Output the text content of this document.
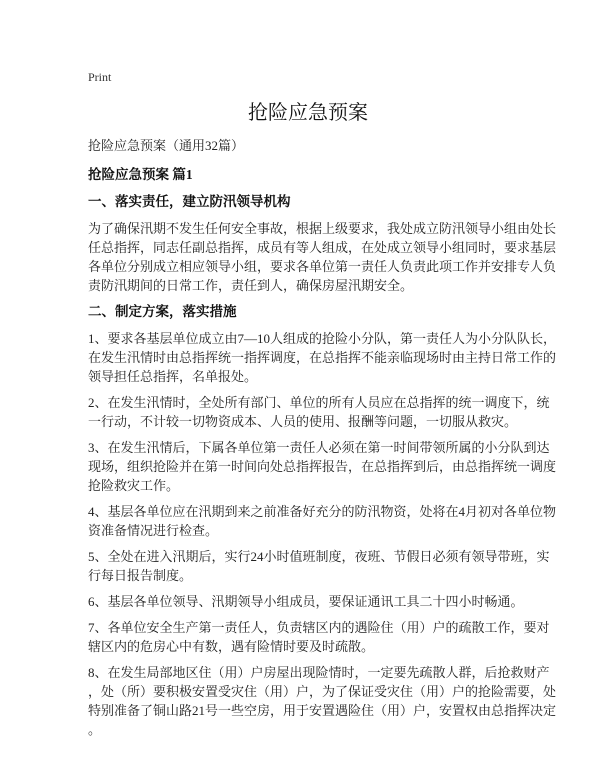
Print
抢险应急预案
抢险应急预案（通用32篇）
抢险应急预案 篇1
一、落实责任，建立防汛领导机构
为了确保汛期不发生任何安全事故，根据上级要求，我处成立防汛领导小组由处长
任总指挥，同志任副总指挥，成员有等人组成，在处成立领导小组同时，要求基层
各单位分别成立相应领导小组，要求各单位第一责任人负责此项工作并安排专人负
责防汛期间的日常工作，责任到人，确保房屋汛期安全。
二、制定方案，落实措施
1、要求各基层单位成立由7—10人组成的抢险小分队，第一责任人为小分队队长，
在发生汛情时由总指挥统一指挥调度，在总指挥不能亲临现场时由主持日常工作的
领导担任总指挥，名单报处。
2、在发生汛情时，全处所有部门、单位的所有人员应在总指挥的统一调度下，统
一行动，不计较一切物资成本、人员的使用、报酬等问题，一切服从救灾。
3、在发生汛情后，下属各单位第一责任人必须在第一时间带领所属的小分队到达
现场，组织抢险并在第一时间向处总指挥报告，在总指挥到后，由总指挥统一调度
抢险救灾工作。
4、基层各单位应在汛期到来之前准备好充分的防汛物资，处将在4月初对各单位物
资准备情况进行检查。
5、全处在进入汛期后，实行24小时值班制度，夜班、节假日必须有领导带班，实
行每日报告制度。
6、基层各单位领导、汛期领导小组成员，要保证通讯工具二十四小时畅通。
7、各单位安全生产第一责任人，负责辖区内的遇险住（用）户的疏散工作，要对
辖区内的危房心中有数，遇有险情时要及时疏散。
8、在发生局部地区住（用）户房屋出现险情时，一定要先疏散人群，后抢救财产
，处（所）要积极安置受灾住（用）户，为了保证受灾住（用）户的抢险需要，处
特别准备了铜山路21号一些空房，用于安置遇险住（用）户，安置权由总指挥决定
。
